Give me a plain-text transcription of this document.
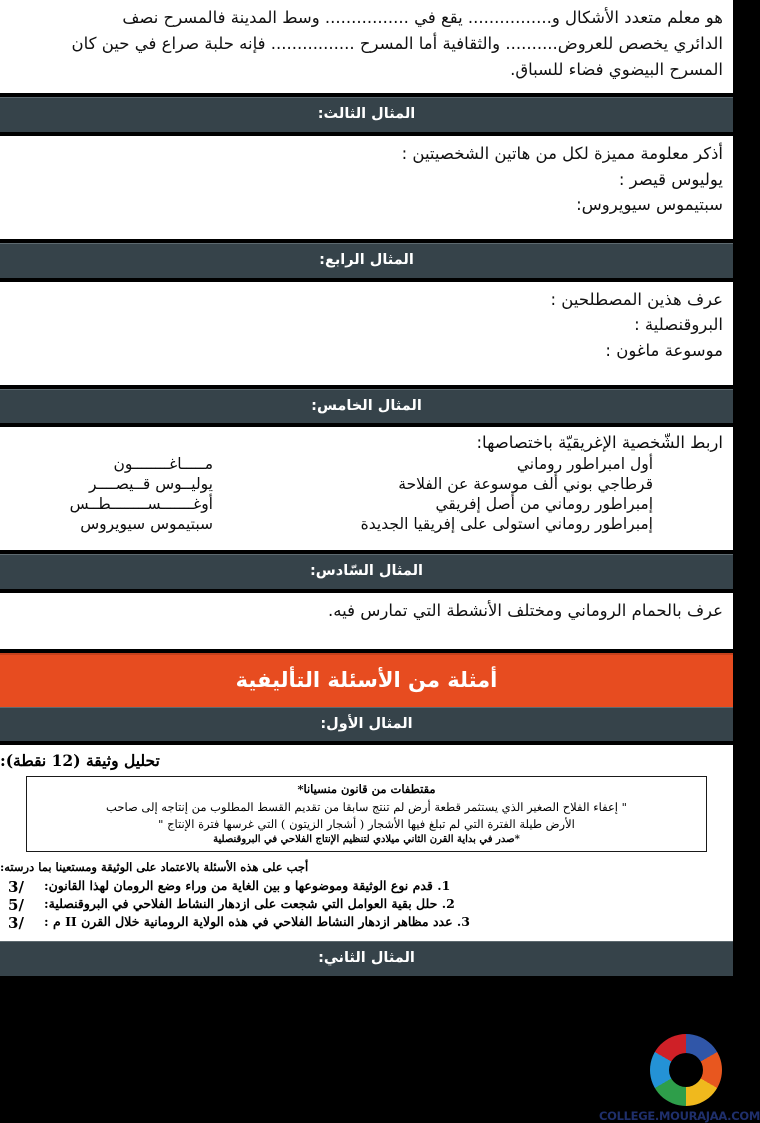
هو معلم متعدد الأشكال و................ يقع في ................ وسط المدينة فالمسرح نصف

الدائري يخصص للعروض.......... والثقافية أما المسرح ................ فإنه حلبة صراع في حين كان

المسرح البيضوي فضاء للسباق.

المثال الثالث:

أذكر معلومة مميزة لكل من هاتين الشخصيتين :

يوليوس قيصر :

سبتيموس سيويروس:

المثال الرابع:

عرف هذين المصطلحين :

البروقنصلية :

موسوعة ماغون :

المثال الخامس:
اربط الشّخصية الإغريقيّة باختصاصها:
أول امبراطور روماني	مـــــاغــــــــون
قرطاجي بوني ألف موسوعة عن الفلاحة	يوليــوس قــيصــــر
إمبراطور روماني من أصل إفريقي	أوغـــــــســــــــطــس
إمبراطور روماني استولى على إفريقيا الجديدة	سبتيموس سيويروس
المثال السّادس:

عرف بالحمام الروماني ومختلف الأنشطة التي تمارس فيه.

أمثلة من الأسئلة التأليفية
المثال الأول:
تحليل وثيقة (12 نقطة):
مقتطفات من قانون منسيانا*
" إعفاء الفلاح الصغير الذي يستثمر قطعة أرض لم تنتج سابقا من تقديم القسط المطلوب من إنتاجه إلى صاحب
الأرض طيلة الفترة التي لم تبلغ فيها الأشجار ( أشجار الزيتون ) التي غرسها فترة الإنتاج "
*صدر في بداية القرن الثاني ميلادي لتنظيم الإنتاج الفلاحي في البروقنصلية
أجب على هذه الأسئلة بالاعتماد على الوثيقة ومستعينا بما درسته:
/3	1. قدم نوع الوثيقة وموضوعها و بين الغاية من وراء وضع الرومان لهذا القانون:
/5	2. حلل بقية العوامل التي شجعت على ازدهار النشاط الفلاحي في البروقنصلية:
/3	3. عدد مظاهر ازدهار النشاط الفلاحي في هذه الولاية الرومانية خلال القرن II م :
المثال الثاني:
COLLEGE.MOURAJAA.COM
